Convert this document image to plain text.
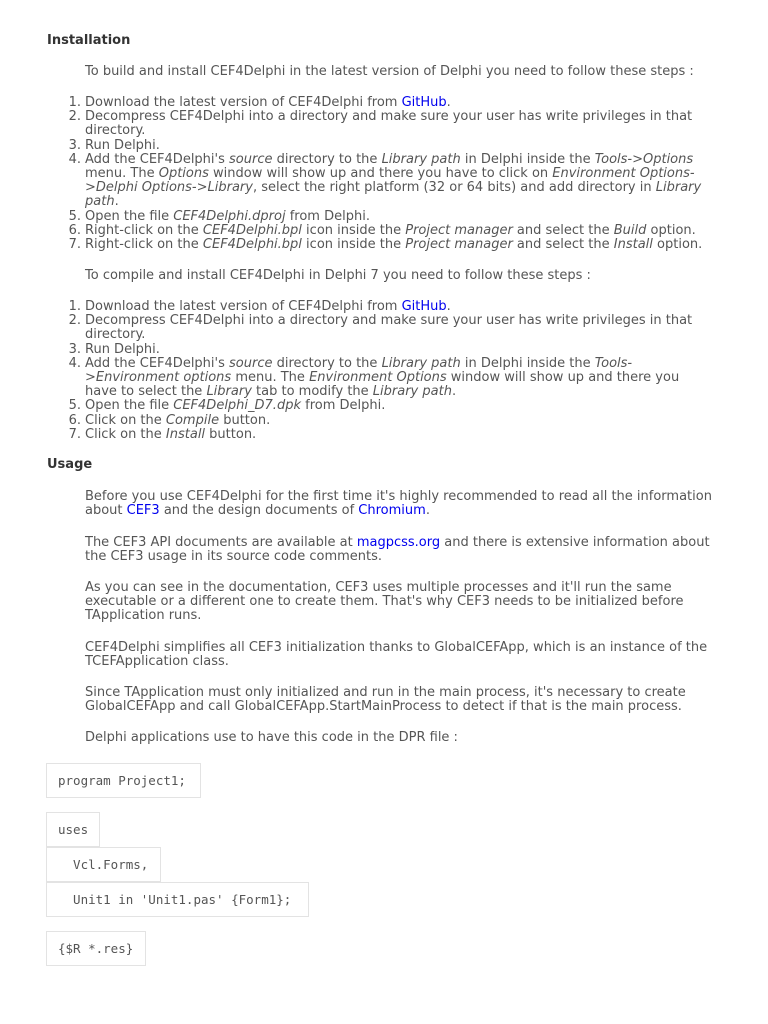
Installation

To build and install CEF4Delphi in the latest version of Delphi you need to follow these steps :

1. Download the latest version of CEF4Delphi from GitHub.
2. Decompress CEF4Delphi into a directory and make sure your user has write privileges in that directory.
3. Run Delphi.
4. Add the CEF4Delphi's source directory to the Library path in Delphi inside the Tools->Options menu. The Options window will show up and there you have to click on Environment Options->Delphi Options->Library, select the right platform (32 or 64 bits) and add directory in Library path.
5. Open the file CEF4Delphi.dproj from Delphi.
6. Right-click on the CEF4Delphi.bpl icon inside the Project manager and select the Build option.
7. Right-click on the CEF4Delphi.bpl icon inside the Project manager and select the Install option.

To compile and install CEF4Delphi in Delphi 7 you need to follow these steps :

1. Download the latest version of CEF4Delphi from GitHub.
2. Decompress CEF4Delphi into a directory and make sure your user has write privileges in that directory.
3. Run Delphi.
4. Add the CEF4Delphi's source directory to the Library path in Delphi inside the Tools->Environment options menu. The Environment Options window will show up and there you have to select the Library tab to modify the Library path.
5. Open the file CEF4Delphi_D7.dpk from Delphi.
6. Click on the Compile button.
7. Click on the Install button.
Usage

Before you use CEF4Delphi for the first time it's highly recommended to read all the information about CEF3 and the design documents of Chromium.

The CEF3 API documents are available at magpcss.org and there is extensive information about the CEF3 usage in its source code comments.

As you can see in the documentation, CEF3 uses multiple processes and it'll run the same executable or a different one to create them. That's why CEF3 needs to be initialized before TApplication runs.

CEF4Delphi simplifies all CEF3 initialization thanks to GlobalCEFApp, which is an instance of the TCEFApplication class.

Since TApplication must only initialized and run in the main process, it's necessary to create GlobalCEFApp and call GlobalCEFApp.StartMainProcess to detect if that is the main process.

Delphi applications use to have this code in the DPR file :

program Project1;
uses
Vcl.Forms,
Unit1 in 'Unit1.pas' {Form1};
{$R *.res}
